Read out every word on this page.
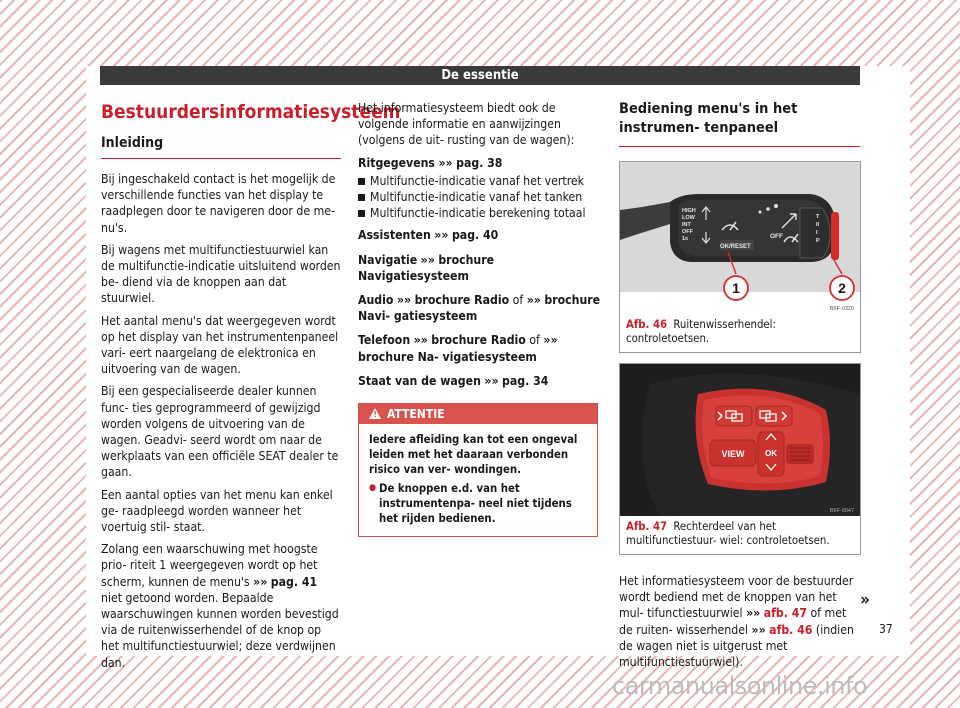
De essentie
Bestuurdersinformatiesysteem
Inleiding

Bij ingeschakeld contact is het mogelijk de verschillende functies van het display te raadplegen door te navigeren door de me- nu's.

Bij wagens met multifunctiestuurwiel kan de multifunctie-indicatie uitsluitend worden be- diend via de knoppen aan dat stuurwiel.

Het aantal menu's dat weergegeven wordt op het display van het instrumentenpaneel vari- eert naargelang de elektronica en uitvoering van de wagen.

Bij een gespecialiseerde dealer kunnen func- ties geprogrammeerd of gewijzigd worden volgens de uitvoering van de wagen. Geadvi- seerd wordt om naar de werkplaats van een officiële SEAT dealer te gaan.

Een aantal opties van het menu kan enkel ge- raadpleegd worden wanneer het voertuig stil- staat.

Zolang een waarschuwing met hoogste prio- riteit 1 weergegeven wordt op het scherm, kunnen de menu's »» pag. 41 niet getoond worden. Bepaalde waarschuwingen kunnen worden bevestigd via de ruitenwisserhendel of de knop op het multifunctiestuurwiel; deze verdwijnen dan.

Het informatiesysteem biedt ook de volgende informatie en aanwijzingen (volgens de uit- rusting van de wagen):

Ritgegevens »» pag. 38
Multifunctie-indicatie vanaf het vertrek
Multifunctie-indicatie vanaf het tanken
Multifunctie-indicatie berekening totaal
Assistenten »» pag. 40
Navigatie »» brochure Navigatiesysteem
Audio »» brochure Radio of »» brochure Navi- gatiesysteem
Telefoon »» brochure Radio of »» brochure Na- vigatiesysteem
Staat van de wagen »» pag. 34
! ATTENTIE

Iedere afleiding kan tot een ongeval leiden met het daaraan verbonden risico van ver- wondingen.

● De knoppen e.d. van het instrumentenpa- neel niet tijdens het rijden bedienen.
Bediening menu's in het instrumen- tenpaneel
HIGH
LOW
INT
OFF
1x
OK/RESET
OFF
T
II
I
P
1	2
B5F-0320
Afb. 46 Ruitenwisserhendel: controletoetsen.
VIEW	OK
B6F-0047
Afb. 47 Rechterdeel van het multifunctiestuur- wiel: controletoetsen.

Het informatiesysteem voor de bestuurder wordt bediend met de knoppen van het mul- tifunctiestuurwiel »» afb. 47 of met de ruiten- wisserhendel »» afb. 46 (indien de wagen niet is uitgerust met multifunctiestuurwiel).

»
37
carmanualsonline.info
